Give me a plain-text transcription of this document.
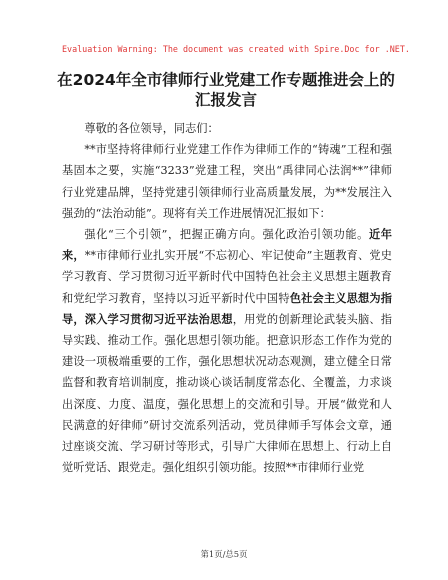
Evaluation Warning: The document was created with Spire.Doc for .NET.
在2024年全市律师行业党建工作专题推进会上的汇报发言

尊敬的各位领导，同志们：

**市坚持将律师行业党建工作作为律师工作的“铸魂”工程和强基固本之要，实施“3233”党建工程，突出“禹律同心法润**”律师行业党建品牌，坚持党建引领律师行业高质量发展，为**发展注入强劲的“法治动能”。现将有关工作进展情况汇报如下：

强化“三个引领”，把握正确方向。强化政治引领功能。近年来，**市律师行业扎实开展“不忘初心、牢记使命”主题教育、党史学习教育、学习贯彻习近平新时代中国特色社会主义思想主题教育和党纪学习教育，坚持以习近平新时代中国特色社会主义思想为指导，深入学习贯彻习近平法治思想，用党的创新理论武装头脑、指导实践、推动工作。强化思想引领功能。把意识形态工作作为党的建设一项极端重要的工作，强化思想状况动态观测，建立健全日常监督和教育培训制度，推动谈心谈话制度常态化、全覆盖，力求谈出深度、力度、温度，强化思想上的交流和引导。开展“做党和人民满意的好律师”研讨交流系列活动，党员律师手写体会文章，通过座谈交流、学习研讨等形式，引导广大律师在思想上、行动上自觉听党话、跟党走。强化组织引领功能。按照**市律师行业党

第1页/总5页
